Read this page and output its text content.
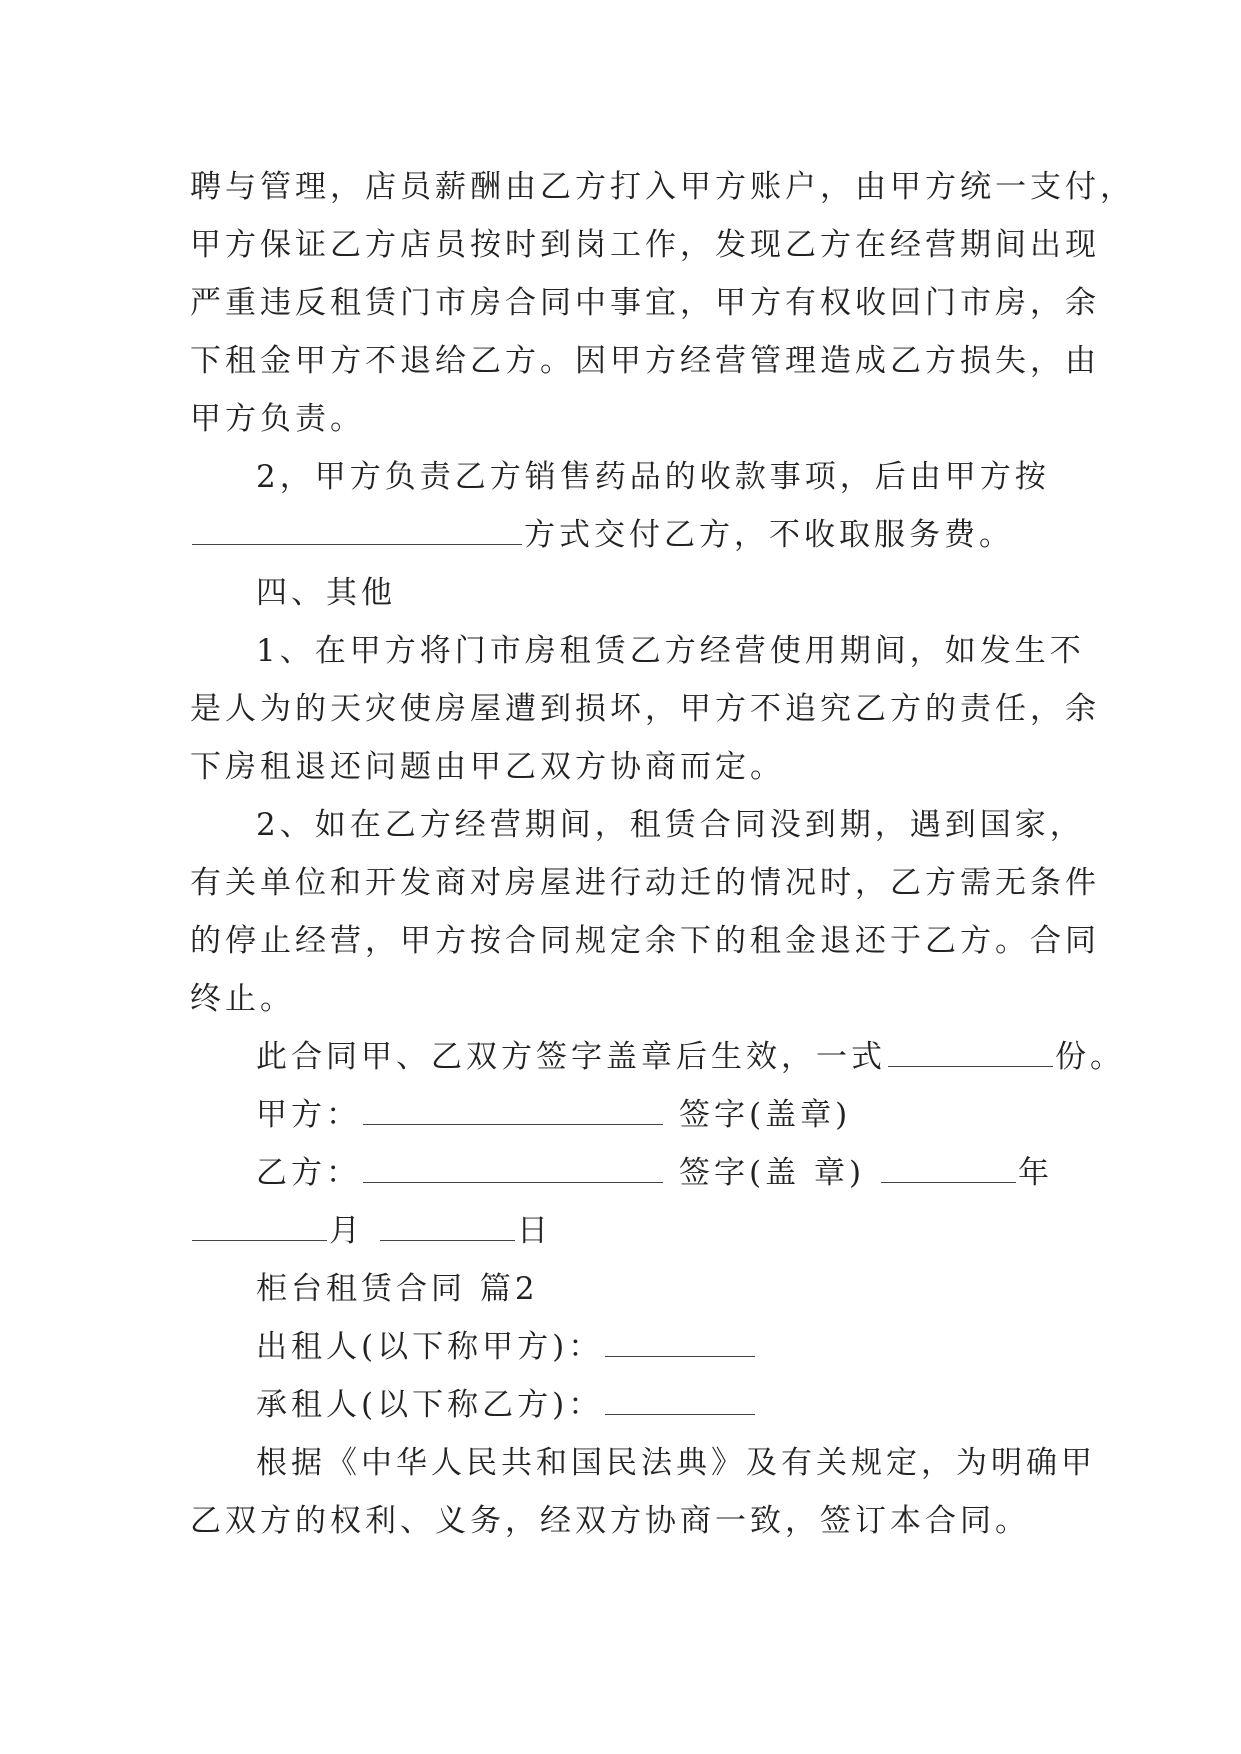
聘与管理，店员薪酬由乙方打入甲方账户，由甲方统一支付，
甲方保证乙方店员按时到岗工作，发现乙方在经营期间出现
严重违反租赁门市房合同中事宜，甲方有权收回门市房，余
下租金甲方不退给乙方。因甲方经营管理造成乙方损失，由
甲方负责。
2，甲方负责乙方销售药品的收款事项，后由甲方按
方式交付乙方，不收取服务费。
四、其他
1、在甲方将门市房租赁乙方经营使用期间，如发生不
是人为的天灾使房屋遭到损坏，甲方不追究乙方的责任，余
下房租退还问题由甲乙双方协商而定。
2、如在乙方经营期间，租赁合同没到期，遇到国家，
有关单位和开发商对房屋进行动迁的情况时，乙方需无条件
的停止经营，甲方按合同规定余下的租金退还于乙方。合同
终止。
此合同甲、乙双方签字盖章后生效，一式	份。
甲方：	签字(盖章)
乙方：	签字(盖 章)	年
月	日
柜台租赁合同 篇2
出租人(以下称甲方)：
承租人(以下称乙方)：
根据《中华人民共和国民法典》及有关规定，为明确甲
乙双方的权利、义务，经双方协商一致，签订本合同。
